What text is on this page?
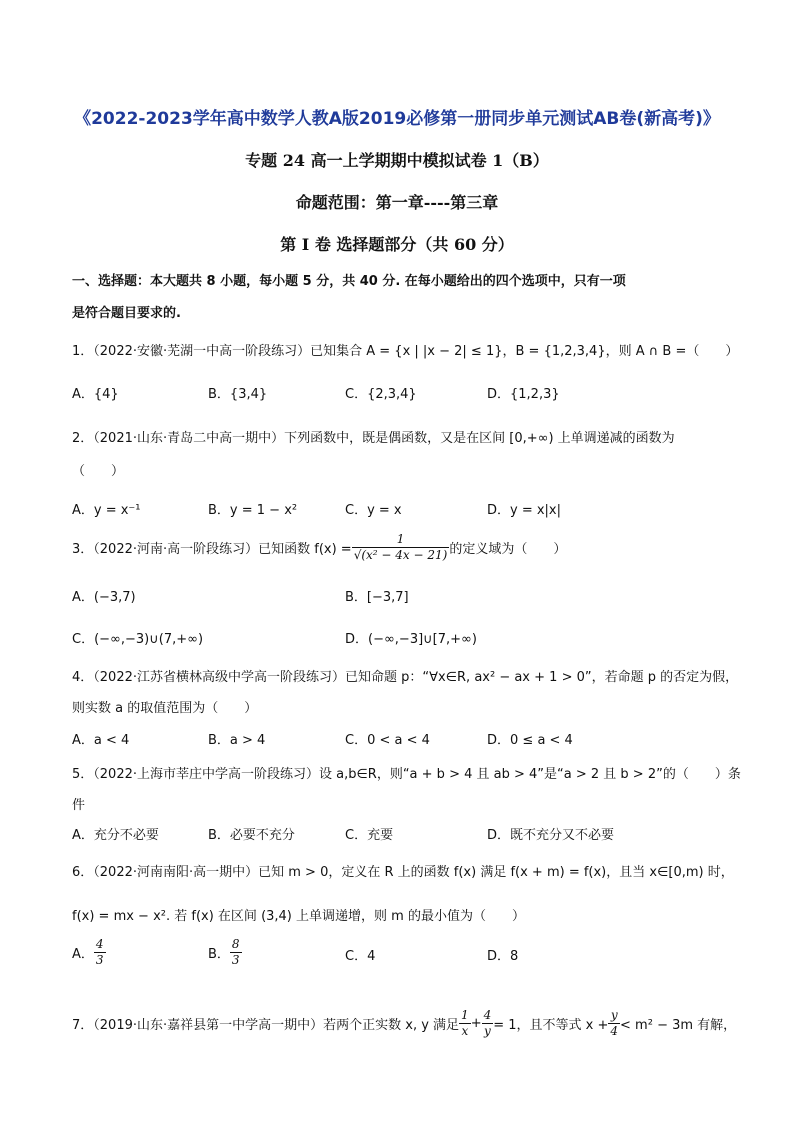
《2022-2023学年高中数学人教A版2019必修第一册同步单元测试AB卷(新高考)》
专题 24 高一上学期期中模拟试卷 1（B）
命题范围：第一章----第三章
第 I 卷 选择题部分（共 60 分）
一、选择题：本大题共 8 小题，每小题 5 分，共 40 分. 在每小题给出的四个选项中，只有一项
是符合题目要求的.
1．（2022·安徽·芜湖一中高一阶段练习）已知集合 A = {x | |x − 2| ≤ 1}，B = {1,2,3,4}，则 A ∩ B =（　　）
A．{4}	B．{3,4}	C．{2,3,4}	D．{1,2,3}
2．（2021·山东·青岛二中高一期中）下列函数中，既是偶函数，又是在区间 [0,+∞) 上单调递减的函数为
（　　）
A．y = x⁻¹	B．y = 1 − x²	C．y = x	D．y = x|x|
3．（2022·河南·高一阶段练习）已知函数 $f(x) = \frac{1}{\text{√(x² − 4x − 21)}}$ 的定义域为（　　）
A．(−3,7)	B．[−3,7]
C．(−∞,−3)∪(7,+∞)	D．(−∞,−3]∪[7,+∞)
4．（2022·江苏省横林高级中学高一阶段练习）已知命题 p：“∀x∈R, ax² − ax + 1 > 0”，若命题 p 的否定为假，
则实数 a 的取值范围为（　　）
A．a < 4	B．a > 4	C．0 < a < 4	D．0 ≤ a < 4
5．（2022·上海市莘庄中学高一阶段练习）设 a,b∈R，则“a + b > 4 且 ab > 4”是“a > 2 且 b > 2”的（　　）条
件
A．充分不必要	B．必要不充分	C．充要	D．既不充分又不必要
6．（2022·河南南阳·高一期中）已知 m > 0，定义在 R 上的函数 f(x) 满足 f(x + m) = f(x)，且当 x∈[0,m) 时，
f(x) = mx − x². 若 f(x) 在区间 (3,4) 上单调递增，则 m 的最小值为（　　）
A． $\frac{4}{3}$	B． $\frac{8}{3}$	C．4	D．8
7．（2019·山东·嘉祥县第一中学高一期中）若两个正实数 x, y 满足 $\frac{1}{x} + \frac{4}{y} = 1$，且不等式 $x + \frac{y}{4} < m^2 - 3m$ 有解，
